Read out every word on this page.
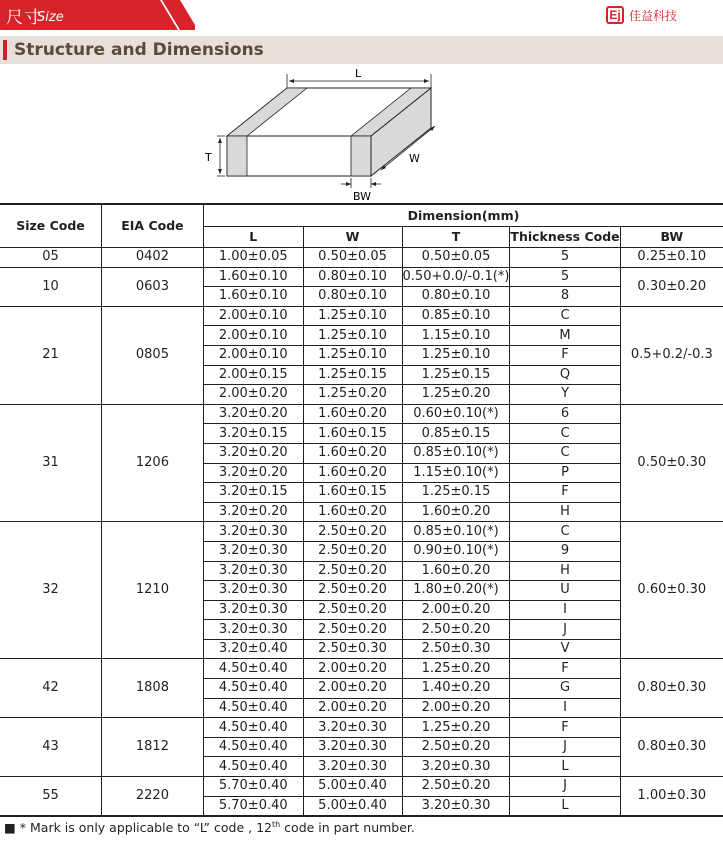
尺寸
Size	Ej 佳益科技
Structure and Dimensions
L
T	W
BW
Size Code	EIA Code	Dimension(mm)				
		L	W	T	Thickness Code	BW
05	0402	1.00±0.05	0.50±0.05	0.50±0.05	5	0.25±0.10
10	0603	1.60±0.10	0.80±0.10	0.50+0.0/-0.1(*)	5	0.30±0.20
		1.60±0.10	0.80±0.10	0.80±0.10	8	
21	0805	2.00±0.10	1.25±0.10	0.85±0.10	C	0.5+0.2/-0.3
		2.00±0.10	1.25±0.10	1.15±0.10	M	
		2.00±0.10	1.25±0.10	1.25±0.10	F	
		2.00±0.15	1.25±0.15	1.25±0.15	Q	
		2.00±0.20	1.25±0.20	1.25±0.20	Y	
31	1206	3.20±0.20	1.60±0.20	0.60±0.10(*)	6	0.50±0.30
		3.20±0.15	1.60±0.15	0.85±0.15	C	
		3.20±0.20	1.60±0.20	0.85±0.10(*)	C	
		3.20±0.20	1.60±0.20	1.15±0.10(*)	P	
		3.20±0.15	1.60±0.15	1.25±0.15	F	
		3.20±0.20	1.60±0.20	1.60±0.20	H	
32	1210	3.20±0.30	2.50±0.20	0.85±0.10(*)	C	0.60±0.30
		3.20±0.30	2.50±0.20	0.90±0.10(*)	9	
		3.20±0.30	2.50±0.20	1.60±0.20	H	
		3.20±0.30	2.50±0.20	1.80±0.20(*)	U	
		3.20±0.30	2.50±0.20	2.00±0.20	I	
		3.20±0.30	2.50±0.20	2.50±0.20	J	
		3.20±0.40	2.50±0.30	2.50±0.30	V	
42	1808	4.50±0.40	2.00±0.20	1.25±0.20	F	0.80±0.30
		4.50±0.40	2.00±0.20	1.40±0.20	G	
		4.50±0.40	2.00±0.20	2.00±0.20	I	
43	1812	4.50±0.40	3.20±0.30	1.25±0.20	F	0.80±0.30
		4.50±0.40	3.20±0.30	2.50±0.20	J	
		4.50±0.40	3.20±0.30	3.20±0.30	L	
55	2220	5.70±0.40	5.00±0.40	2.50±0.20	J	1.00±0.30
		5.70±0.40	5.00±0.40	3.20±0.30	L	
■ * Mark is only applicable to “L” code , 12th code in part number.
